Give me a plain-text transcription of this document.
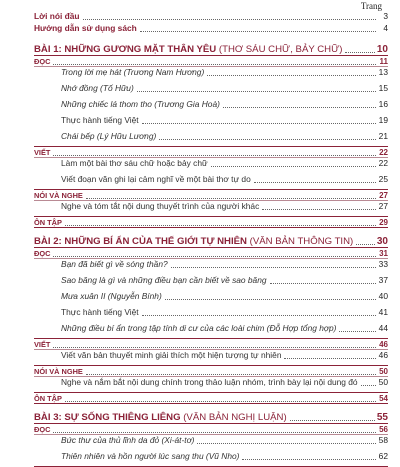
Trang
Lời nói đầu	3
Hướng dẫn sử dụng sách	4
BÀI 1: NHỮNG GƯƠNG MẶT THÂN YÊU (THƠ SÁU CHỮ, BẢY CHỮ)	10
ĐỌC	11
Trong lời mẹ hát (Trương Nam Hương)	13
Nhớ đồng (Tố Hữu)	15
Những chiếc lá thom tho (Trương Gia Hoà)	16
Thực hành tiếng Việt	19
Chái bếp (Lý Hữu Lương)	21
VIẾT	22
Làm một bài thơ sáu chữ hoặc bảy chữ	22
Viết đoạn văn ghi lại cảm nghĩ về một bài thơ tự do	25
NÓI VÀ NGHE	27
Nghe và tóm tắt nội dung thuyết trình của người khác	27
ÔN TẬP	29
BÀI 2: NHỮNG BÍ ẨN CỦA THẾ GIỚI TỰ NHIÊN (VĂN BẢN THÔNG TIN) 30
ĐỌC	31
Bạn đã biết gì về sóng thần?	33
Sao băng là gì và những điều bạn cần biết về sao băng	37
Mưa xuân II (Nguyễn Bính)	40
Thực hành tiếng Việt	41
Những điều bí ẩn trong tập tính di cư của các loài chim (Đỗ Hợp tổng hợp)	44
VIẾT	46
Viết văn bản thuyết minh giải thích một hiện tượng tự nhiên	46
NÓI VÀ NGHE	50
Nghe và nắm bắt nội dung chính trong thảo luận nhóm, trình bày lại nội dung đó	50
ÔN TẬP	54
BÀI 3: SỰ SỐNG THIÊNG LIÊNG (VĂN BẢN NGHỊ LUẬN)	55
ĐỌC	56
Bức thư của thủ lĩnh da đỏ (Xi-át-tơ)	58
Thiên nhiên và hồn người lúc sang thu (Vũ Nho)	62
